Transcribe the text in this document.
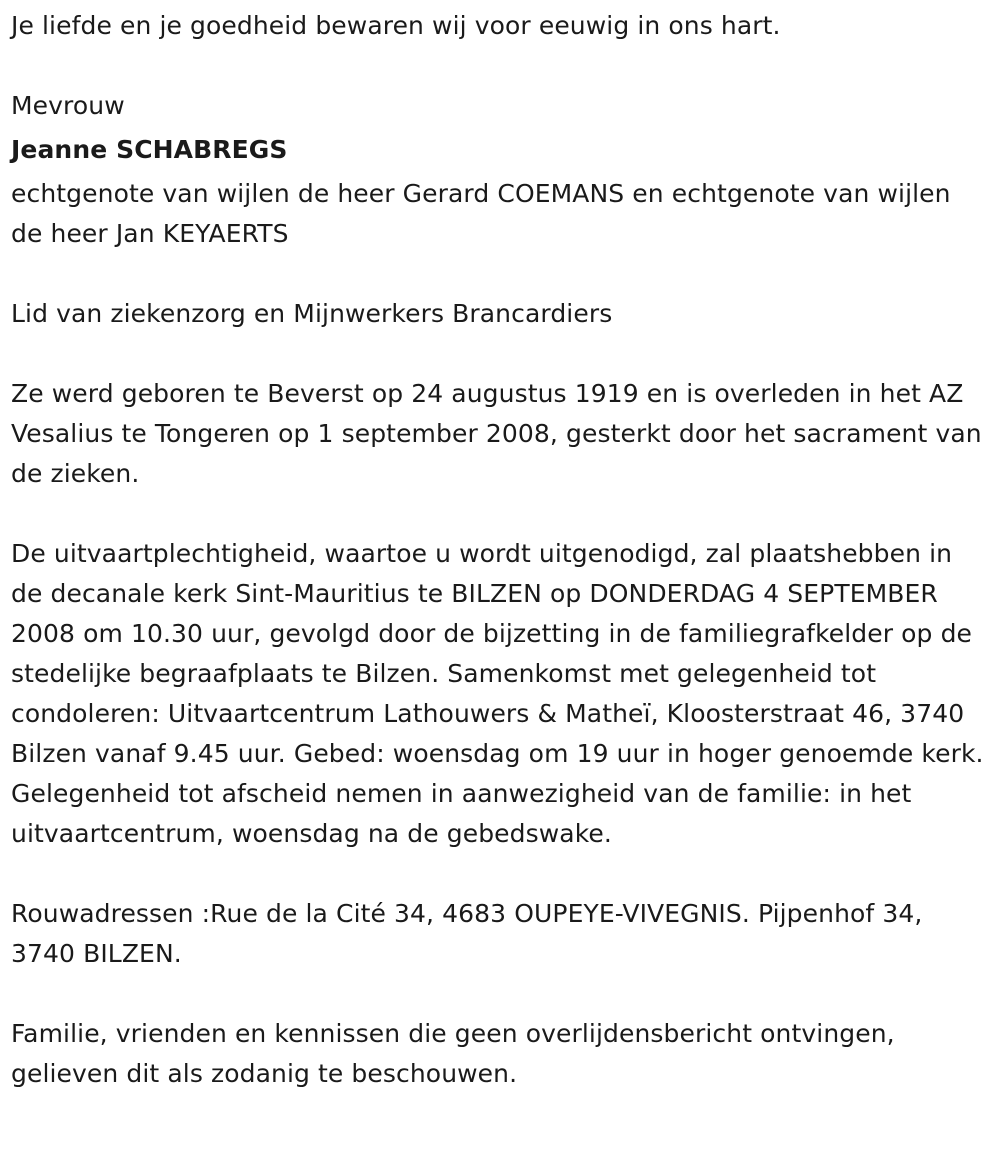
Je liefde en je goedheid bewaren wij voor eeuwig in ons hart.

Mevrouw

Jeanne SCHABREGS

echtgenote van wijlen de heer Gerard COEMANS en echtgenote van wijlen de heer Jan KEYAERTS

Lid van ziekenzorg en Mijnwerkers Brancardiers

Ze werd geboren te Beverst op 24 augustus 1919 en is overleden in het AZ Vesalius te Tongeren op 1 september 2008, gesterkt door het sacrament van de zieken.

De uitvaartplechtigheid, waartoe u wordt uitgenodigd, zal plaatshebben in de decanale kerk Sint-Mauritius te BILZEN op DONDERDAG 4 SEPTEMBER 2008 om 10.30 uur, gevolgd door de bijzetting in de familiegrafkelder op de stedelijke begraafplaats te Bilzen. Samenkomst met gelegenheid tot condoleren: Uitvaartcentrum Lathouwers & Matheï, Kloosterstraat 46, 3740 Bilzen vanaf 9.45 uur. Gebed: woensdag om 19 uur in hoger genoemde kerk. Gelegenheid tot afscheid nemen in aanwezigheid van de familie: in het uitvaartcentrum, woensdag na de gebedswake.

Rouwadressen :Rue de la Cité 34, 4683 OUPEYE-VIVEGNIS. Pijpenhof 34, 3740 BILZEN.

Familie, vrienden en kennissen die geen overlijdensbericht ontvingen, gelieven dit als zodanig te beschouwen.
